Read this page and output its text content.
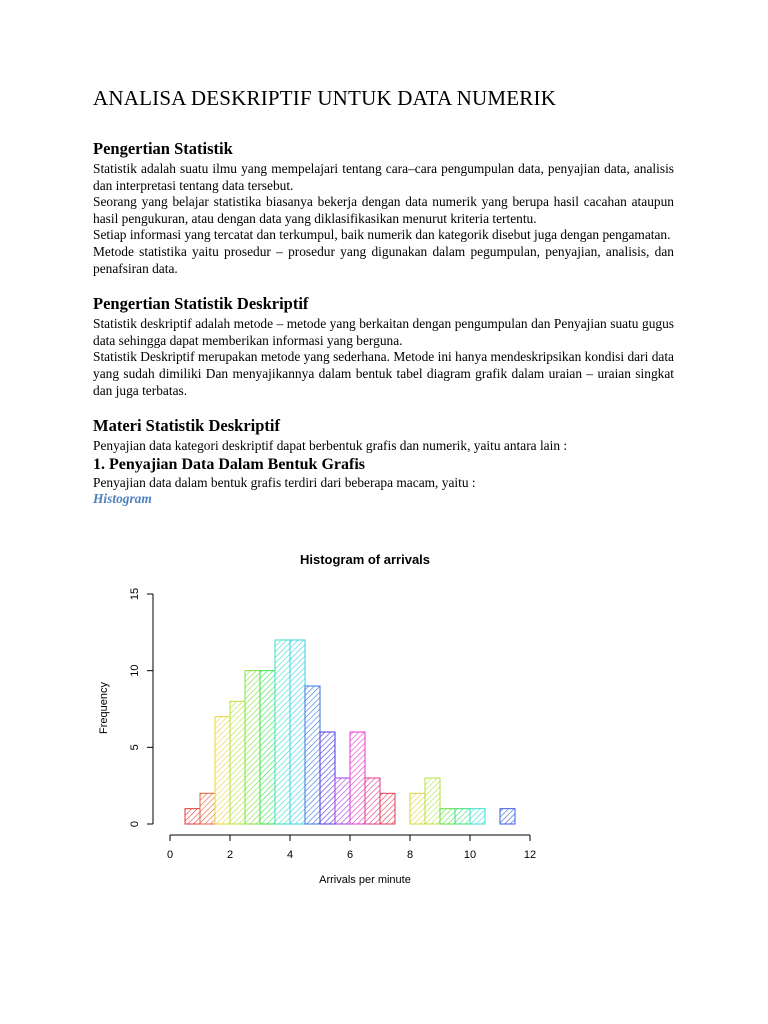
ANALISA DESKRIPTIF UNTUK DATA NUMERIK
Pengertian Statistik

Statistik adalah suatu ilmu yang mempelajari tentang cara–cara pengumpulan data, penyajian data, analisis dan interpretasi tentang data tersebut.

Seorang yang belajar statistika biasanya bekerja dengan data numerik yang berupa hasil cacahan ataupun hasil pengukuran, atau dengan data yang diklasifikasikan menurut kriteria tertentu.

Setiap informasi yang tercatat dan terkumpul, baik numerik dan kategorik disebut juga dengan pengamatan.

Metode statistika yaitu prosedur – prosedur yang digunakan dalam pegumpulan, penyajian, analisis, dan penafsiran data.

Pengertian Statistik Deskriptif

Statistik deskriptif adalah metode – metode yang berkaitan dengan pengumpulan dan Penyajian suatu gugus data sehingga dapat memberikan informasi yang berguna.

Statistik Deskriptif merupakan metode yang sederhana. Metode ini hanya mendeskripsikan kondisi dari data yang sudah dimiliki Dan menyajikannya dalam bentuk tabel diagram grafik dalam uraian – uraian singkat dan juga terbatas.

Materi Statistik Deskriptif

Penyajian data kategori deskriptif dapat berbentuk grafis dan numerik, yaitu antara lain :

1. Penyajian Data Dalam Bentuk Grafis

Penyajian data dalam bentuk grafis terdiri dari beberapa macam, yaitu :

Histogram

Histogram of arrivals
0
5
10
15
0	2	4	6	8	10	12
Frequency
Arrivals per minute
